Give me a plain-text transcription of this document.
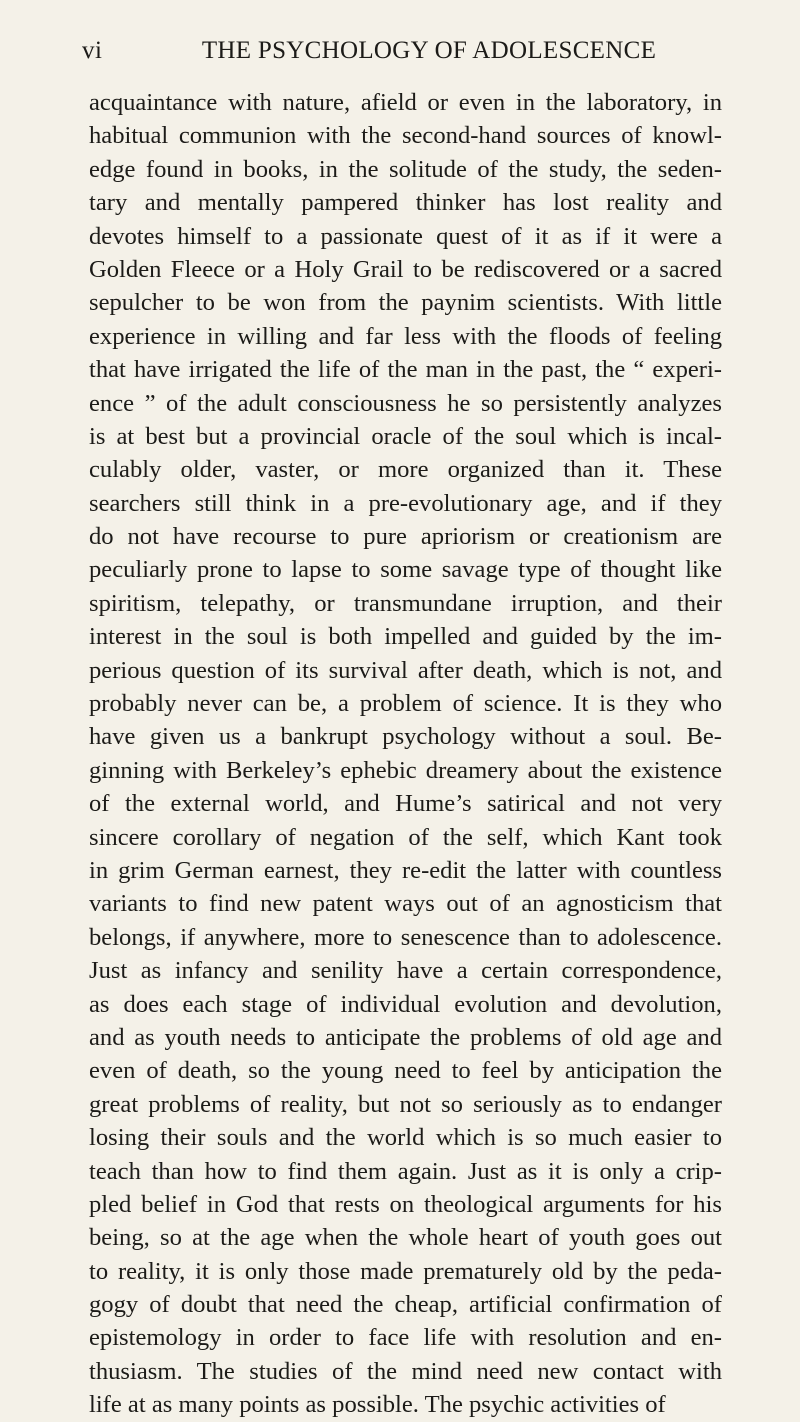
vi	THE PSYCHOLOGY OF ADOLESCENCE
acquaintance with nature, afield or even in the laboratory, in
habitual communion with the second-hand sources of knowl-
edge found in books, in the solitude of the study, the seden-
tary and mentally pampered thinker has lost reality and
devotes himself to a passionate quest of it as if it were a
Golden Fleece or a Holy Grail to be rediscovered or a sacred
sepulcher to be won from the paynim scientists. With little
experience in willing and far less with the floods of feeling
that have irrigated the life of the man in the past, the “ experi-
ence ” of the adult consciousness he so persistently analyzes
is at best but a provincial oracle of the soul which is incal-
culably older, vaster, or more organized than it. These
searchers still think in a pre-evolutionary age, and if they
do not have recourse to pure apriorism or creationism are
peculiarly prone to lapse to some savage type of thought like
spiritism, telepathy, or transmundane irruption, and their
interest in the soul is both impelled and guided by the im-
perious question of its survival after death, which is not, and
probably never can be, a problem of science. It is they who
have given us a bankrupt psychology without a soul. Be-
ginning with Berkeley’s ephebic dreamery about the existence
of the external world, and Hume’s satirical and not very
sincere corollary of negation of the self, which Kant took
in grim German earnest, they re-edit the latter with countless
variants to find new patent ways out of an agnosticism that
belongs, if anywhere, more to senescence than to adolescence.
Just as infancy and senility have a certain correspondence,
as does each stage of individual evolution and devolution,
and as youth needs to anticipate the problems of old age and
even of death, so the young need to feel by anticipation the
great problems of reality, but not so seriously as to endanger
losing their souls and the world which is so much easier to
teach than how to find them again. Just as it is only a crip-
pled belief in God that rests on theological arguments for his
being, so at the age when the whole heart of youth goes out
to reality, it is only those made prematurely old by the peda-
gogy of doubt that need the cheap, artificial confirmation of
epistemology in order to face life with resolution and en-
thusiasm. The studies of the mind need new contact with
life at as many points as possible. The psychic activities of
